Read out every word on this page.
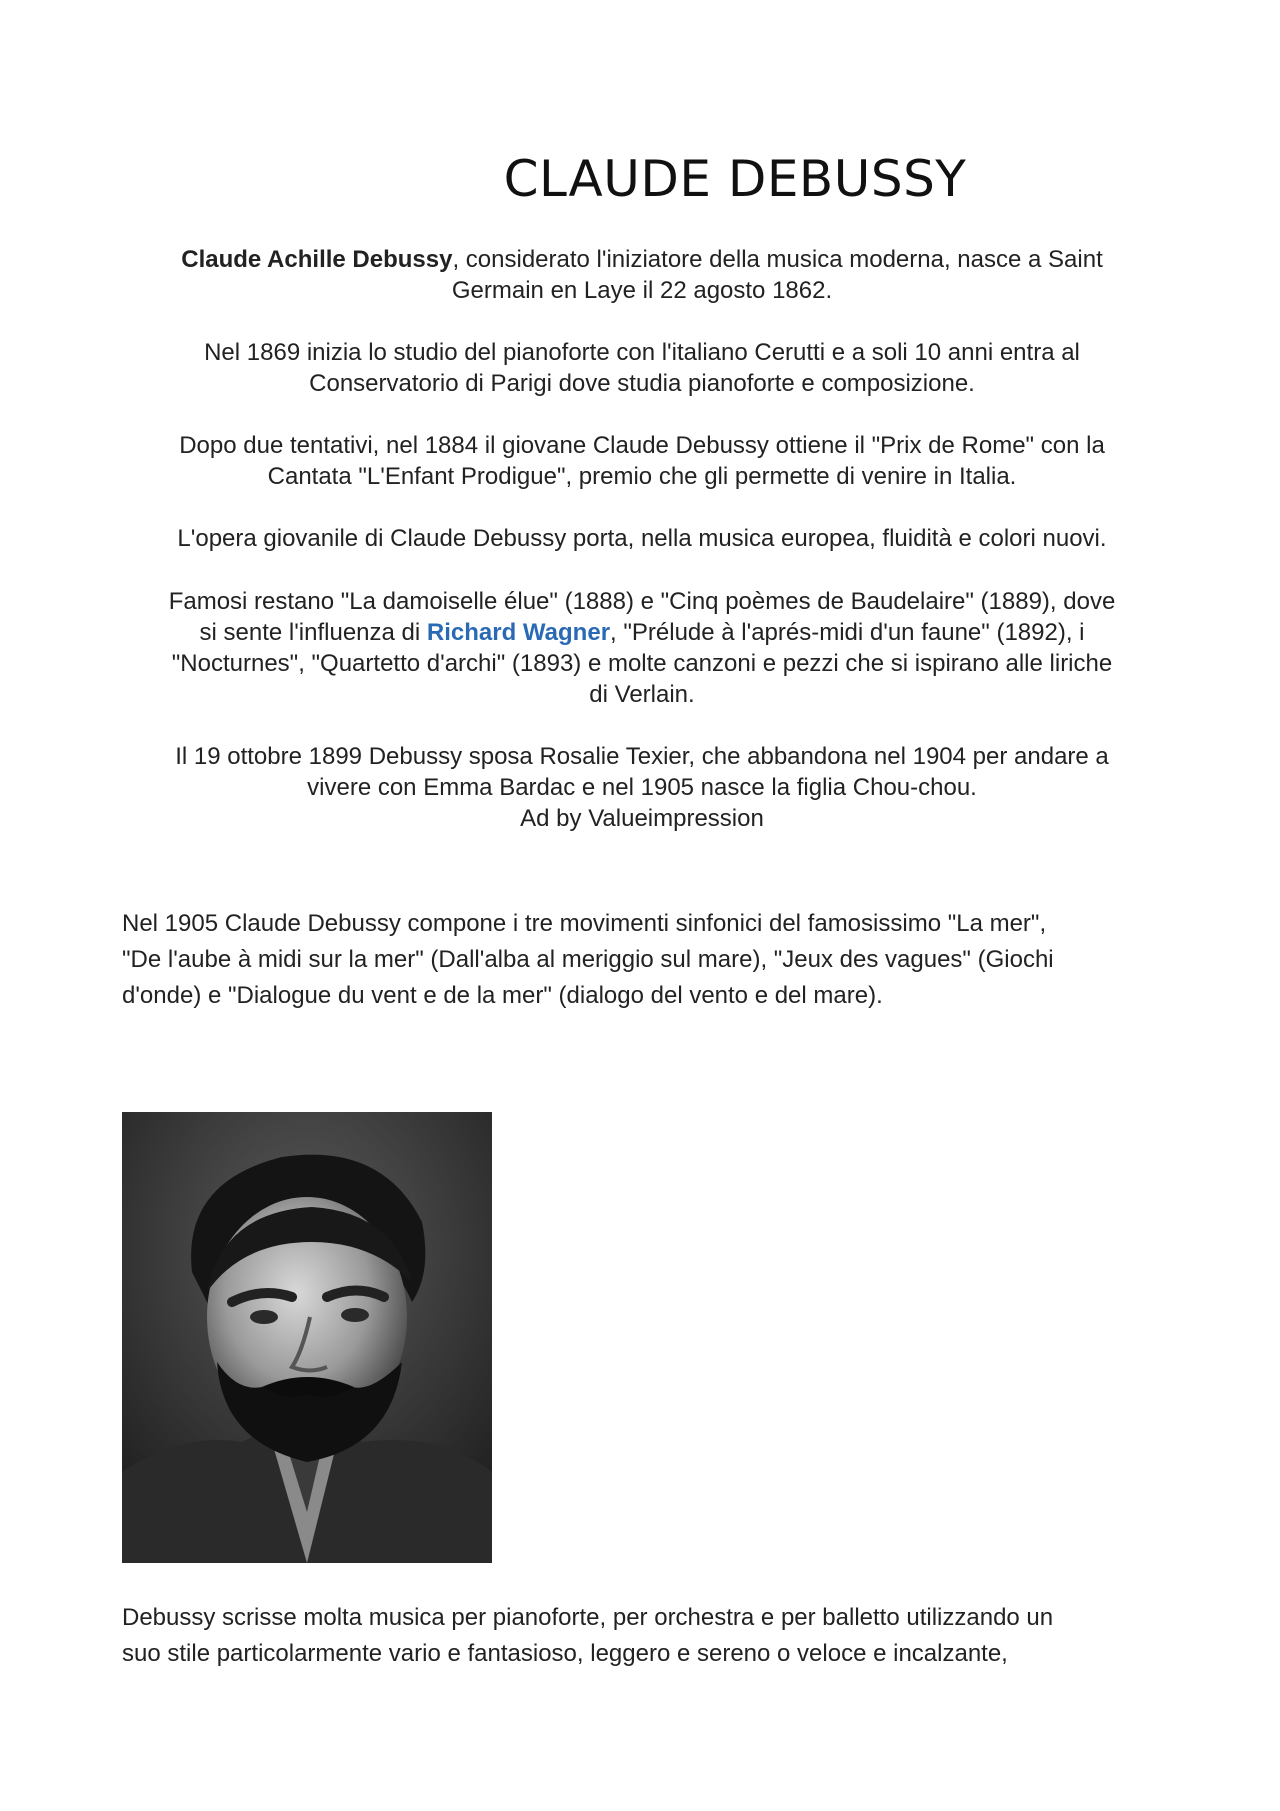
CLAUDE DEBUSSY

Claude Achille Debussy, considerato l'iniziatore della musica moderna, nasce a Saint
Germain en Laye il 22 agosto 1862.

Nel 1869 inizia lo studio del pianoforte con l'italiano Cerutti e a soli 10 anni entra al
Conservatorio di Parigi dove studia pianoforte e composizione.

Dopo due tentativi, nel 1884 il giovane Claude Debussy ottiene il "Prix de Rome" con la
Cantata "L'Enfant Prodigue", premio che gli permette di venire in Italia.

L'opera giovanile di Claude Debussy porta, nella musica europea, fluidità e colori nuovi.

Famosi restano "La damoiselle élue" (1888) e "Cinq poèmes de Baudelaire" (1889), dove
si sente l'influenza di Richard Wagner, "Prélude à l'aprés-midi d'un faune" (1892), i
"Nocturnes", "Quartetto d'archi" (1893) e molte canzoni e pezzi che si ispirano alle liriche
di Verlain.

Il 19 ottobre 1899 Debussy sposa Rosalie Texier, che abbandona nel 1904 per andare a
vivere con Emma Bardac e nel 1905 nasce la figlia Chou-chou.

Ad by Valueimpression

Nel 1905 Claude Debussy compone i tre movimenti sinfonici del famosissimo "La mer",
"De l'aube à midi sur la mer" (Dall'alba al meriggio sul mare), "Jeux des vagues" (Giochi
d'onde) e "Dialogue du vent e de la mer" (dialogo del vento e del mare).

Debussy scrisse molta musica per pianoforte, per orchestra e per balletto utilizzando un
suo stile particolarmente vario e fantasioso, leggero e sereno o veloce e incalzante,
